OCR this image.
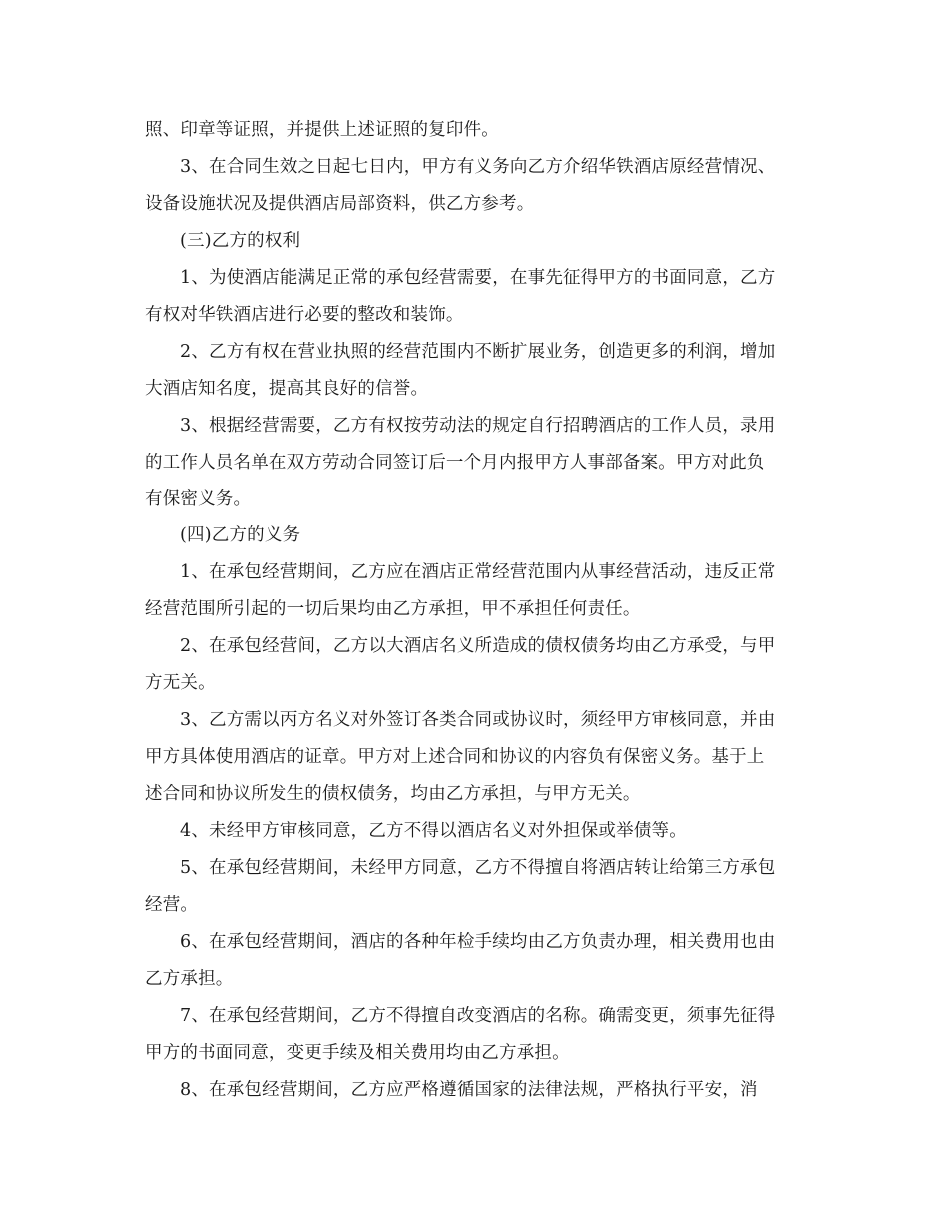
照、印章等证照，并提供上述证照的复印件。
3、在合同生效之日起七日内，甲方有义务向乙方介绍华铁酒店原经营情况、
设备设施状况及提供酒店局部资料，供乙方参考。
(三)乙方的权利
1、为使酒店能满足正常的承包经营需要，在事先征得甲方的书面同意，乙方
有权对华铁酒店进行必要的整改和装饰。
2、乙方有权在营业执照的经营范围内不断扩展业务，创造更多的利润，增加
大酒店知名度，提高其良好的信誉。
3、根据经营需要，乙方有权按劳动法的规定自行招聘酒店的工作人员，录用
的工作人员名单在双方劳动合同签订后一个月内报甲方人事部备案。甲方对此负
有保密义务。
(四)乙方的义务
1、在承包经营期间，乙方应在酒店正常经营范围内从事经营活动，违反正常
经营范围所引起的一切后果均由乙方承担，甲不承担任何责任。
2、在承包经营间，乙方以大酒店名义所造成的债权债务均由乙方承受，与甲
方无关。
3、乙方需以丙方名义对外签订各类合同或协议时，须经甲方审核同意，并由
甲方具体使用酒店的证章。甲方对上述合同和协议的内容负有保密义务。基于上
述合同和协议所发生的债权债务，均由乙方承担，与甲方无关。
4、未经甲方审核同意，乙方不得以酒店名义对外担保或举债等。
5、在承包经营期间，未经甲方同意，乙方不得擅自将酒店转让给第三方承包
经营。
6、在承包经营期间，酒店的各种年检手续均由乙方负责办理，相关费用也由
乙方承担。
7、在承包经营期间，乙方不得擅自改变酒店的名称。确需变更，须事先征得
甲方的书面同意，变更手续及相关费用均由乙方承担。
8、在承包经营期间，乙方应严格遵循国家的法律法规，严格执行平安，消
